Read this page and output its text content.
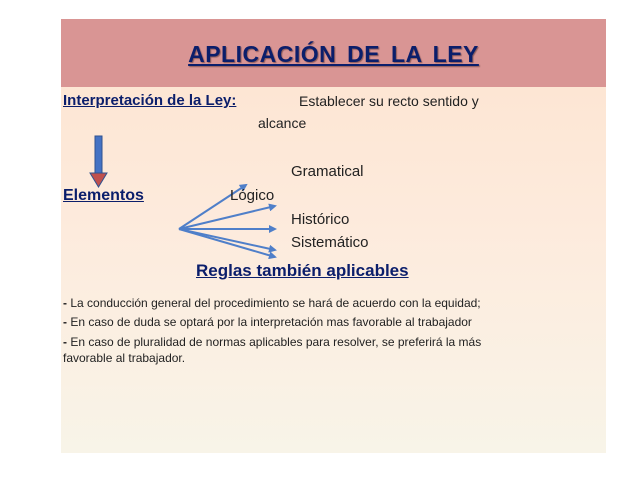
APLICACIÓN DE LA LEY
Interpretación de la Ley:	Establecer su recto sentido y
alcance
Elementos
Gramatical
Lógico
Histórico
Sistemático
Reglas también aplicables
- La conducción general del procedimiento se hará de acuerdo con la equidad;
- En caso de duda se optará por la interpretación mas favorable al trabajador
- En caso de pluralidad de normas aplicables para resolver, se preferirá la más
favorable al trabajador.
